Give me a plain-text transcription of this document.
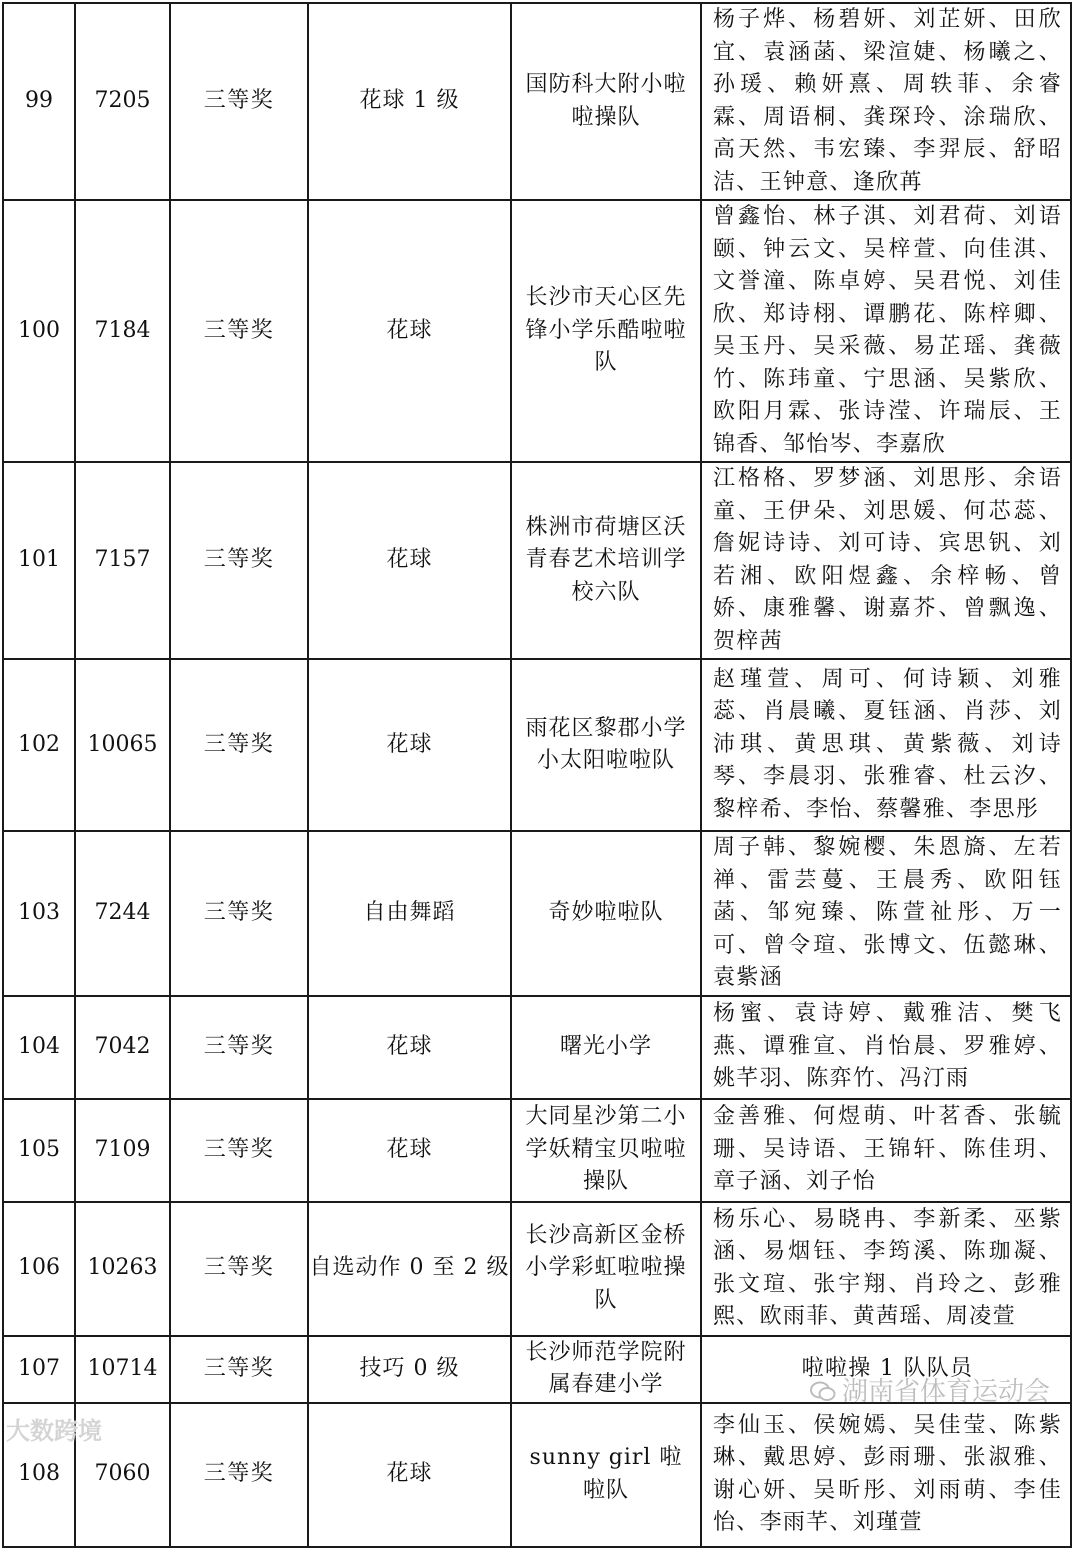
99	7205	三等奖	花球 1 级	国防科大附小啦啦操队	杨子烨、杨碧妍、刘芷妍、田欣宜、袁涵菡、梁渲婕、杨曦之、孙瑗、赖妍熹、周轶菲、余睿霖、周语桐、龚琛玲、涂瑞欣、高天然、韦宏臻、李羿辰、舒昭洁、王钟意、逢欣苒
100	7184	三等奖	花球	长沙市天心区先锋小学乐酷啦啦队	曾鑫怡、林子淇、刘君荷、刘语颐、钟云文、吴梓萱、向佳淇、文誉潼、陈卓婷、吴君悦、刘佳欣、郑诗栩、谭鹏花、陈梓卿、吴玉丹、吴采薇、易芷瑶、龚薇竹、陈玮童、宁思涵、吴紫欣、欧阳月霖、张诗滢、许瑞辰、王锦香、邹怡岑、李嘉欣
101	7157	三等奖	花球	株洲市荷塘区沃青春艺术培训学校六队	江格格、罗梦涵、刘思彤、余语童、王伊朵、刘思媛、何芯蕊、詹妮诗诗、刘可诗、宾思钒、刘若湘、欧阳煜鑫、余梓畅、曾娇、康雅馨、谢嘉芥、曾飘逸、贺梓茜
102	10065	三等奖	花球	雨花区黎郡小学小太阳啦啦队	赵瑾萱、周可、何诗颖、刘雅蕊、肖晨曦、夏钰涵、肖莎、刘沛琪、黄思琪、黄紫薇、刘诗琴、李晨羽、张雅睿、杜云汐、黎梓希、李怡、蔡馨雅、李思彤
103	7244	三等奖	自由舞蹈	奇妙啦啦队	周子韩、黎婉樱、朱恩旖、左若禅、雷芸蔓、王晨秀、欧阳钰菡、邹宛臻、陈萱祉彤、万一可、曾令瑄、张博文、伍懿琳、袁紫涵
104	7042	三等奖	花球	曙光小学	杨蜜、袁诗婷、戴雅洁、樊飞燕、谭雅宣、肖怡晨、罗雅婷、姚芊羽、陈弈竹、冯汀雨
105	7109	三等奖	花球	大同星沙第二小学妖精宝贝啦啦操队	金善雅、何煜萌、叶茗香、张毓珊、吴诗语、王锦轩、陈佳玥、章子涵、刘子怡
106	10263	三等奖	自选动作 0 至 2 级	长沙高新区金桥小学彩虹啦啦操队	杨乐心、易晓冉、李新柔、巫紫涵、易烟钰、李筠溪、陈珈凝、张文瑄、张宇翔、肖玲之、彭雅熙、欧雨菲、黄茜瑶、周凌萱
107	10714	三等奖	技巧 0 级	长沙师范学院附属春建小学	啦啦操 1 队队员
108	7060	三等奖	花球	sunny girl 啦啦队	李仙玉、侯婉嫣、吴佳莹、陈紫琳、戴思婷、彭雨珊、张淑雅、谢心妍、吴昕彤、刘雨萌、李佳怡、李雨芊、刘瑾萱
大数跨境
湖南省体育运动会
